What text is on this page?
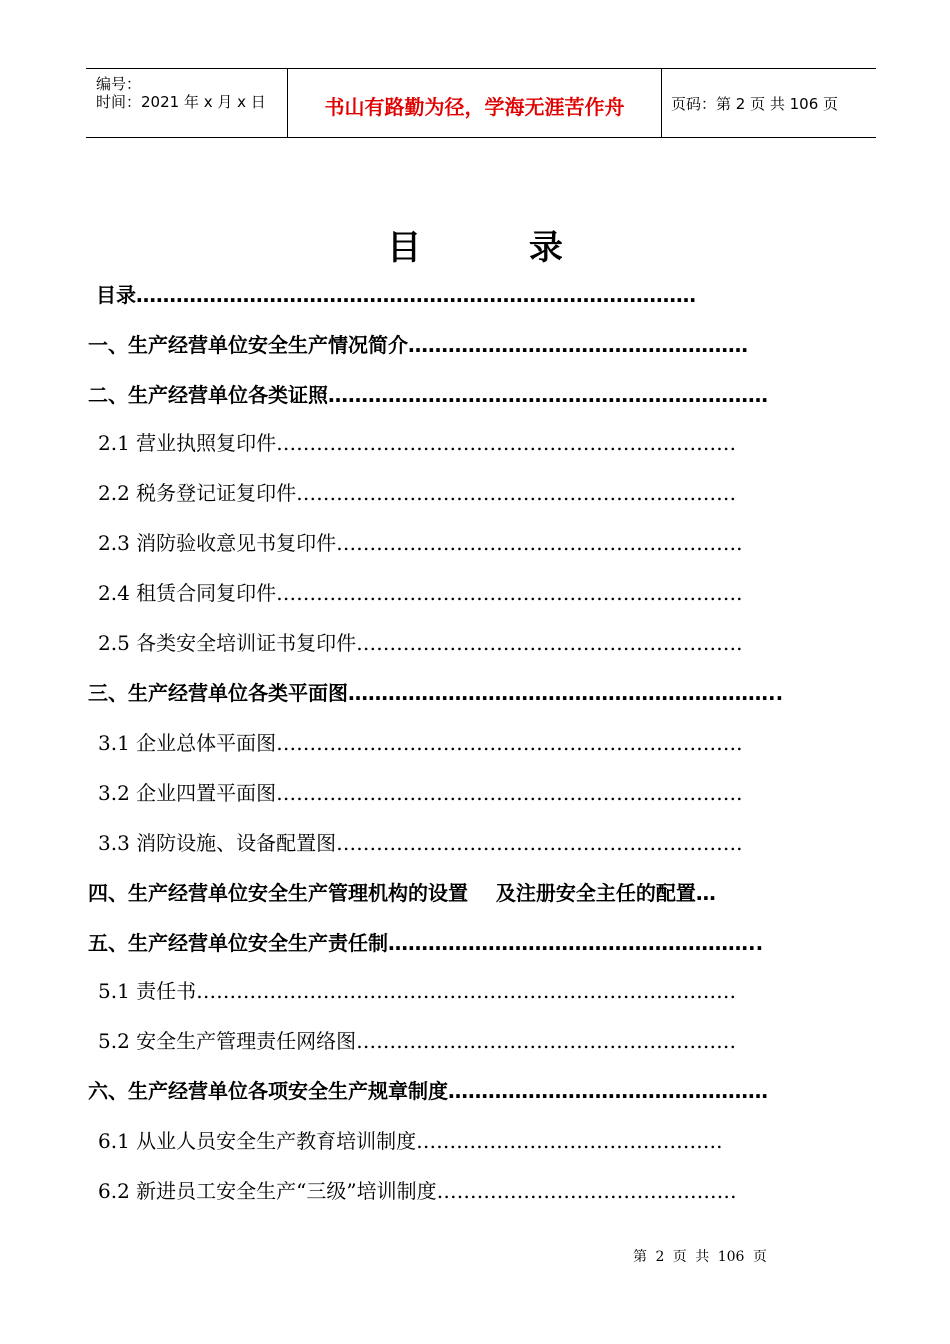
编号：
时间：2021 年 x 月 x 日	书山有路勤为径，学海无涯苦作舟	页码：第 2 页 共 106 页
目 录
目录…………………………………………………………………………
一、生产经营单位安全生产情况简介……………………………………………
二、生产经营单位各类证照…………………………………………………………
2.1 营业执照复印件……………………………………………………………
2.2 税务登记证复印件…………………………………………………………
2.3 消防验收意见书复印件…………………………………………………….
2.4 租赁合同复印件…………………………………………………………….
2.5 各类安全培训证书复印件………………………………………………….
三、生产经营单位各类平面图………………………………………………………..
3.1 企业总体平面图…………………………………………………………….
3.2 企业四置平面图…………………………………………………………….
3.3 消防设施、设备配置图…………………………………………………….
四、生产经营单位安全生产管理机构的设置    及注册安全主任的配置…
五、生产经营单位安全生产责任制………………………………………………..
5.1 责任书………………………………………………………………………
5.2 安全生产管理责任网络图…………………………………………………
六、生产经营单位各项安全生产规章制度…………………………………………
6.1 从业人员安全生产教育培训制度……………………………………….
6.2 新进员工安全生产“三级”培训制度………………………………………
第 2 页 共 106 页
